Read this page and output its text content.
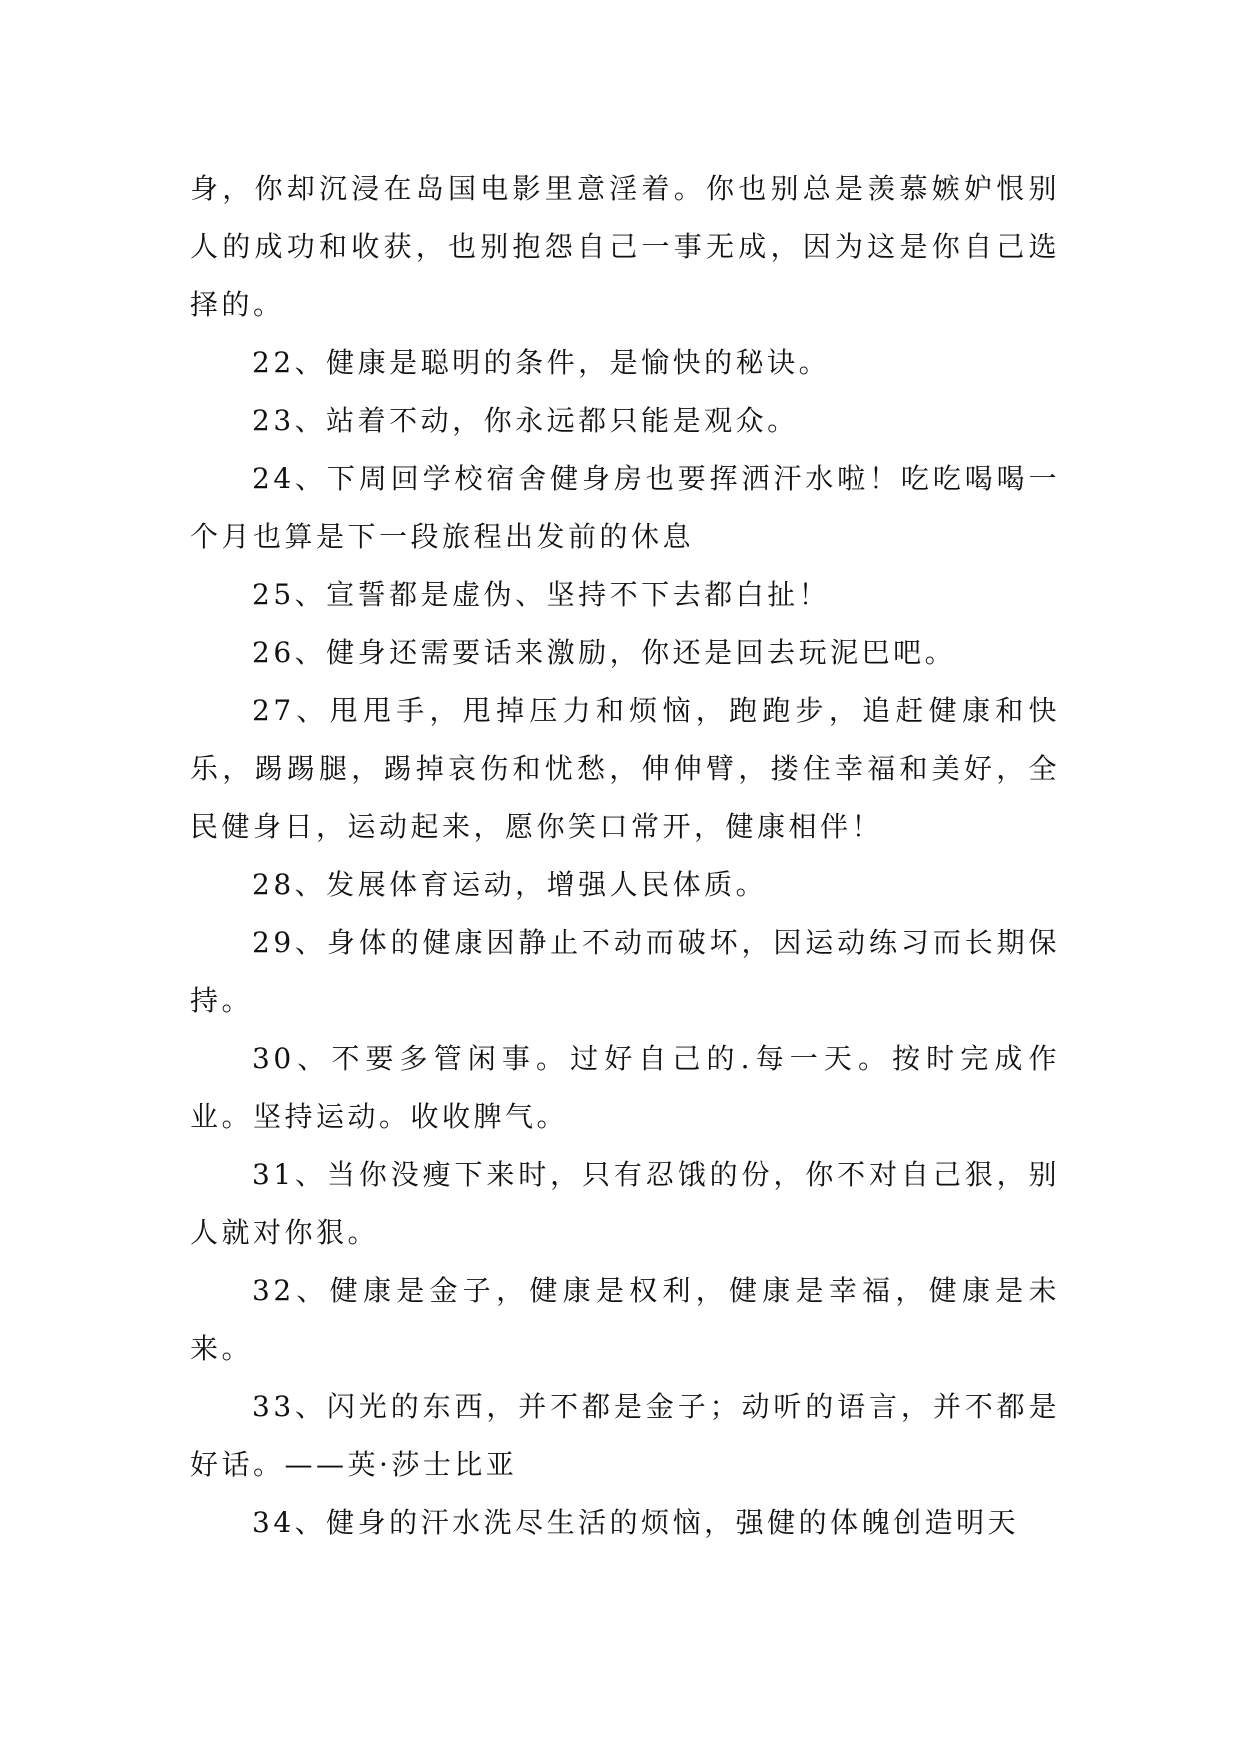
身，你却沉浸在岛国电影里意淫着。你也别总是羡慕嫉妒恨别人的成功和收获，也别抱怨自己一事无成，因为这是你自己选择的。

22、健康是聪明的条件，是愉快的秘诀。

23、站着不动，你永远都只能是观众。

24、下周回学校宿舍健身房也要挥洒汗水啦！吃吃喝喝一个月也算是下一段旅程出发前的休息

25、宣誓都是虚伪、坚持不下去都白扯！

26、健身还需要话来激励，你还是回去玩泥巴吧。

27、甩甩手，甩掉压力和烦恼，跑跑步，追赶健康和快乐，踢踢腿，踢掉哀伤和忧愁，伸伸臂，搂住幸福和美好，全民健身日，运动起来，愿你笑口常开，健康相伴！

28、发展体育运动，增强人民体质。

29、身体的健康因静止不动而破坏，因运动练习而长期保持。

30、不要多管闲事。过好自己的.每一天。按时完成作业。坚持运动。收收脾气。

31、当你没瘦下来时，只有忍饿的份，你不对自己狠，别人就对你狠。

32、健康是金子，健康是权利，健康是幸福，健康是未来。

33、闪光的东西，并不都是金子；动听的语言，并不都是好话。——英·莎士比亚

34、健身的汗水洗尽生活的烦恼，强健的体魄创造明天
